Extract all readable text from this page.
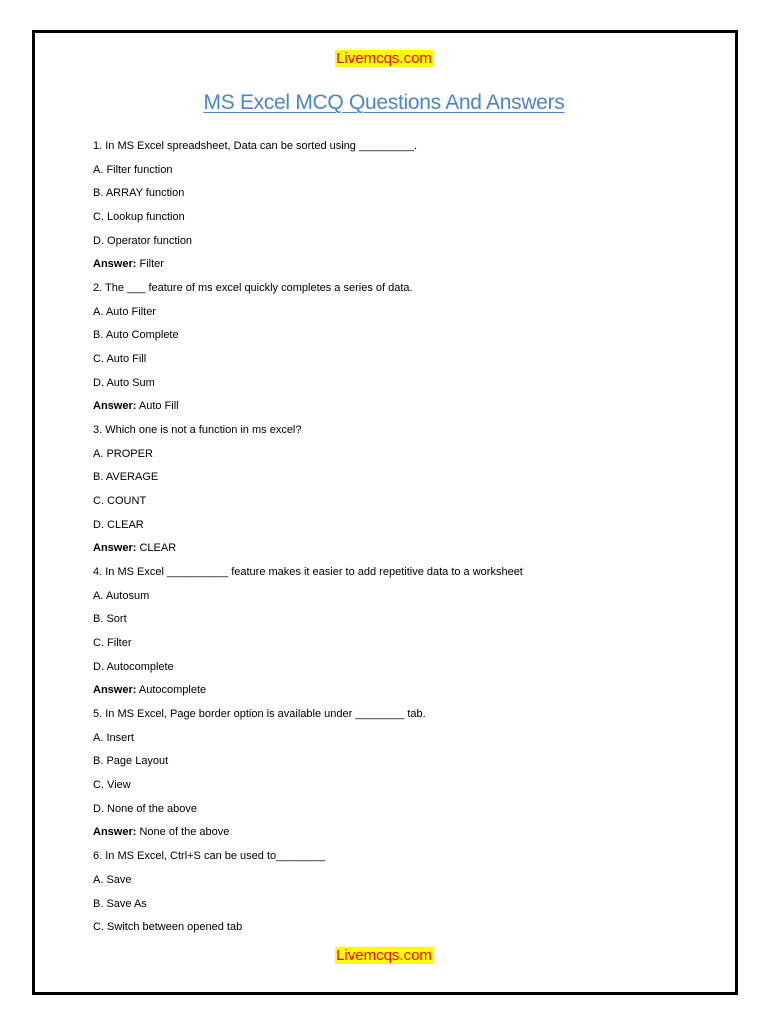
Livemcqs.com
MS Excel MCQ Questions And Answers
1. In MS Excel spreadsheet, Data can be sorted using _________.
A. Filter function
B. ARRAY function
C. Lookup function
D. Operator function
Answer: Filter
2. The ___ feature of ms excel quickly completes a series of data.
A. Auto Filter
B. Auto Complete
C. Auto Fill
D. Auto Sum
Answer: Auto Fill
3. Which one is not a function in ms excel?
A. PROPER
B. AVERAGE
C. COUNT
D. CLEAR
Answer: CLEAR
4. In MS Excel __________ feature makes it easier to add repetitive data to a worksheet
A. Autosum
B. Sort
C. Filter
D. Autocomplete
Answer: Autocomplete
5. In MS Excel, Page border option is available under ________ tab.
A. Insert
B. Page Layout
C. View
D. None of the above
Answer: None of the above
6. In MS Excel, Ctrl+S can be used to________
A. Save
B. Save As
C. Switch between opened tab
Livemcqs.com
